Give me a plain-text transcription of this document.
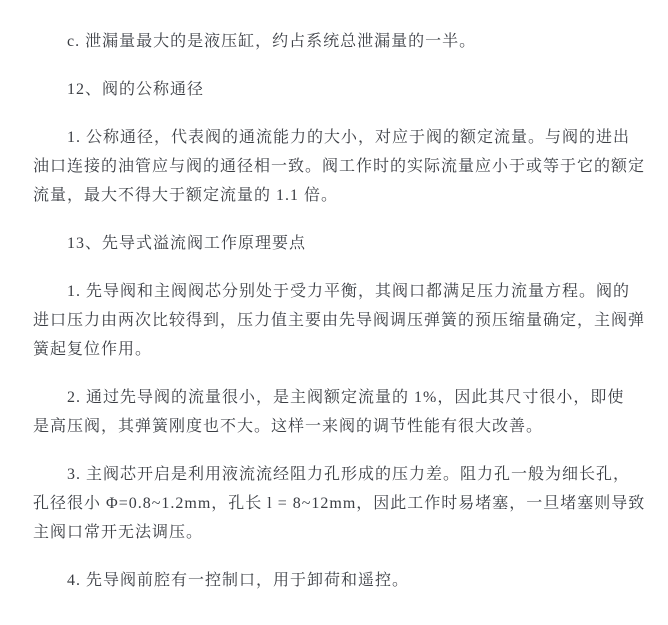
c. 泄漏量最大的是液压缸，约占系统总泄漏量的一半。
12、阀的公称通径
1. 公称通径，代表阀的通流能力的大小，对应于阀的额定流量。与阀的进出
油口连接的油管应与阀的通径相一致。阀工作时的实际流量应小于或等于它的额定
流量，最大不得大于额定流量的 1.1 倍。
13、先导式溢流阀工作原理要点
1. 先导阀和主阀阀芯分别处于受力平衡，其阀口都满足压力流量方程。阀的
进口压力由两次比较得到，压力值主要由先导阀调压弹簧的预压缩量确定，主阀弹
簧起复位作用。
2. 通过先导阀的流量很小，是主阀额定流量的 1%，因此其尺寸很小，即使
是高压阀，其弹簧刚度也不大。这样一来阀的调节性能有很大改善。
3. 主阀芯开启是利用液流流经阻力孔形成的压力差。阻力孔一般为细长孔，
孔径很小 Φ=0.8~1.2mm，孔长 l = 8~12mm，因此工作时易堵塞，一旦堵塞则导致
主阀口常开无法调压。
4. 先导阀前腔有一控制口，用于卸荷和遥控。
